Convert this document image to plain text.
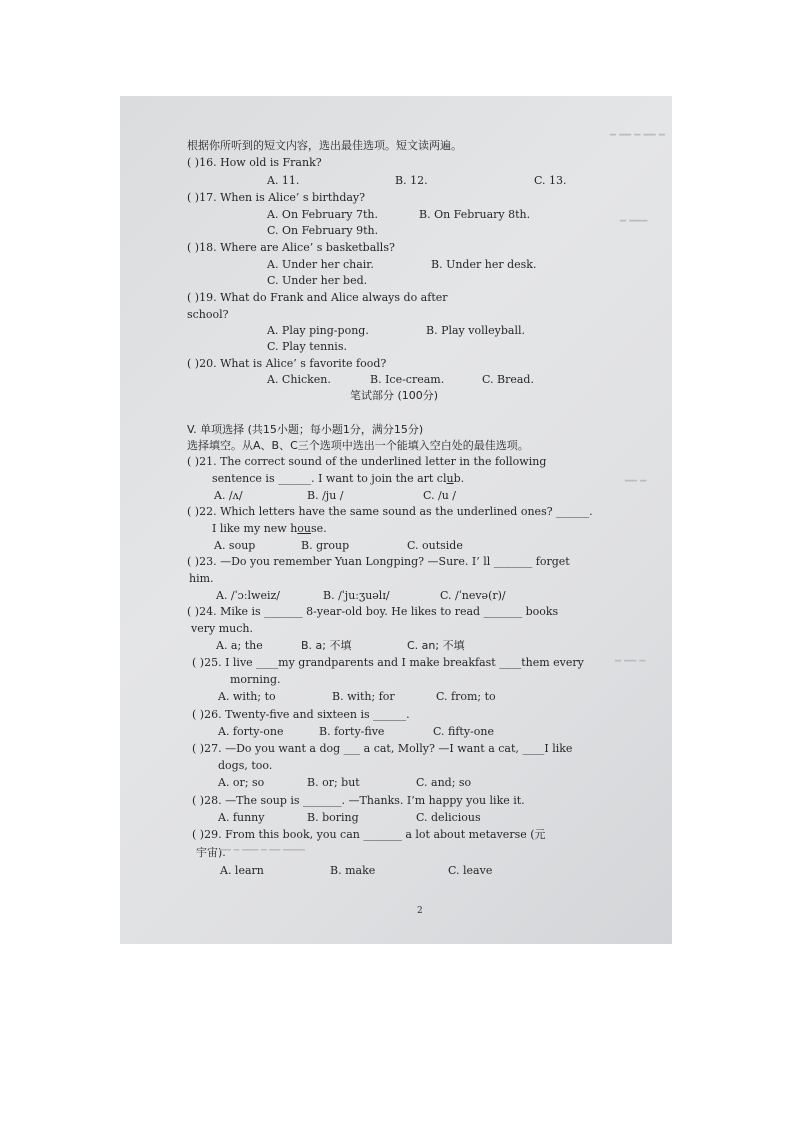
━ ━━ ━ ━━ ━
━ ━━━
━━ ━
━ ━━ ━
根据你所听到的短文内容，选出最佳选项。短文读两遍。
( )16. How old is Frank?
A. 11.	B. 12.	C. 13.
( )17. When is Alice’ s birthday?
A. On February 7th.	B. On February 8th.
C. On February 9th.
( )18. Where are Alice’ s basketballs?
A. Under her chair.	B. Under her desk.
C. Under her bed.
( )19. What do Frank and Alice always do after
school?
A. Play ping-pong.	B. Play volleyball.
C. Play tennis.
( )20. What is Alice’ s favorite food?
A. Chicken.	B. Ice-cream.	C. Bread.
笔试部分 (100分)
V. 单项选择 (共15小题；每小题1分，满分15分)
选择填空。从A、B、C三个选项中选出一个能填入空白处的最佳选项。
( )21. The correct sound of the underlined letter in the following
sentence is ______. I want to join the art club.
A. /ʌ/	B. /ju /	C. /u /
( )22. Which letters have the same sound as the underlined ones? ______.
I like my new house.
A. soup	B. group	C. outside
( )23. —Do you remember Yuan Longping? —Sure. I’ ll _______ forget
him.
A. /ˈɔːlweiz/	B. /ˈjuːʒuəlɪ/	C. /ˈnevə(r)/
( )24. Mike is _______ 8-year-old boy. He likes to read _______ books
very much.
A. a; the	B. a; 不填	C. an; 不填
( )25. I live ____my grandparents and I make breakfast ____them every
morning.
A. with; to	B. with; for	C. from; to
( )26. Twenty-five and sixteen is ______.
A. forty-one	B. forty-five	C. fifty-one
( )27. —Do you want a dog ___ a cat, Molly? —I want a cat, ____I like
dogs, too.
A. or; so	B. or; but	C. and; so
( )28. —The soup is _______. —Thanks. I’m happy you like it.
A. funny	B. boring	C. delicious
( )29. From this book, you can _______ a lot about metaverse (元
宇宙).
A. learn	B. make	C. leave
━━ ━ ━━━ ━ ━━ ━━━━
2
